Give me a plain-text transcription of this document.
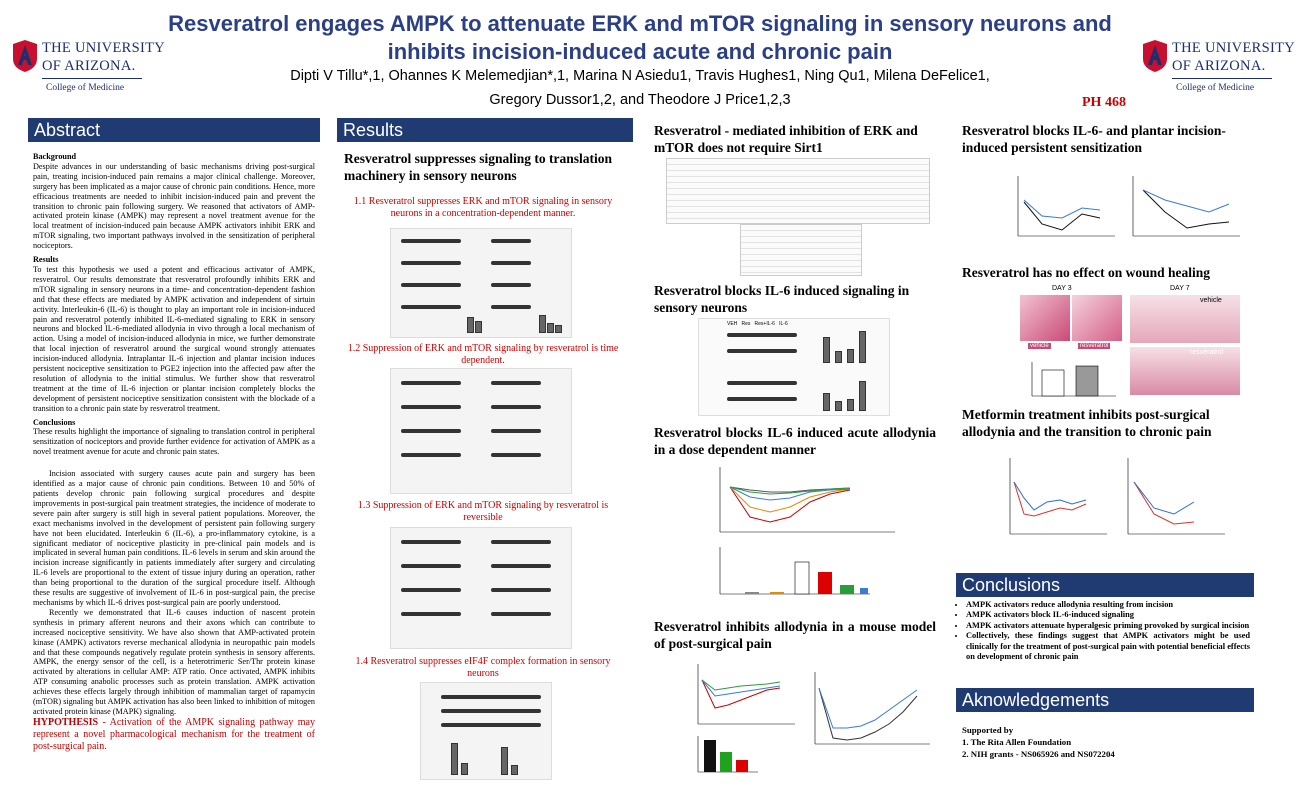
Resveratrol engages AMPK to attenuate ERK and mTOR signaling in sensory neurons and inhibits incision-induced acute and chronic pain
Dipti V Tillu*,1, Ohannes K Melemedjian*,1, Marina N Asiedu1, Travis Hughes1, Ning Qu1, Milena DeFelice1,
Gregory Dussor1,2, and Theodore J Price1,2,3
THE UNIVERSITY
OF ARIZONA.
College of Medicine
THE UNIVERSITY
OF ARIZONA.
College of Medicine
PH 468
Abstract

Background

Despite advances in our understanding of basic mechanisms driving post-surgical pain, treating incision-induced pain remains a major clinical challenge. Moreover, surgery has been implicated as a major cause of chronic pain conditions. Hence, more efficacious treatments are needed to inhibit incision-induced pain and prevent the transition to chronic pain following surgery. We reasoned that activators of AMP-activated protein kinase (AMPK) may represent a novel treatment avenue for the local treatment of incision-induced pain because AMPK activators inhibit ERK and mTOR signaling, two important pathways involved in the sensitization of peripheral nociceptors.

Results

To test this hypothesis we used a potent and efficacious activator of AMPK, resveratrol. Our results demonstrate that resveratrol profoundly inhibits ERK and mTOR signaling in sensory neurons in a time- and concentration-dependent fashion and that these effects are mediated by AMPK activation and independent of sirtuin activity. Interleukin-6 (IL-6) is thought to play an important role in incision-induced pain and resveratrol potently inhibited IL-6-mediated signaling to ERK in sensory neurons and blocked IL-6-mediated allodynia in vivo through a local mechanism of action. Using a model of incision-induced allodynia in mice, we further demonstrate that local injection of resveratrol around the surgical wound strongly attenuates incision-induced allodynia. Intraplantar IL-6 injection and plantar incision induces persistent nociceptive sensitization to PGE2 injection into the affected paw after the resolution of allodynia to the initial stimulus. We further show that resveratrol treatment at the time of IL-6 injection or plantar incision completely blocks the development of persistent nociceptive sensitization consistent with the blockade of a transition to a chronic pain state by resveratrol treatment.

Conclusions

These results highlight the importance of signaling to translation control in peripheral sensitization of nociceptors and provide further evidence for activation of AMPK as a novel treatment avenue for acute and chronic pain states.

Incision associated with surgery causes acute pain and surgery has been identified as a major cause of chronic pain conditions. Between 10 and 50% of patients develop chronic pain following surgical procedures and despite improvements in post-surgical pain treatment strategies, the incidence of moderate to severe pain after surgery is still high in several patient populations. Moreover, the exact mechanisms involved in the development of persistent pain following surgery have not been elucidated. Interleukin 6 (IL-6), a pro-inflammatory cytokine, is a significant mediator of nociceptive plasticity in pre-clinical pain models and is implicated in several human pain conditions. IL-6 levels in serum and skin around the incision increase significantly in patients immediately after surgery and circulating IL-6 levels are proportional to the extent of tissue injury during an operation, rather than being proportional to the duration of the surgical procedure itself. Although these results are suggestive of involvement of IL-6 in post-surgical pain, the precise mechanisms by which IL-6 drives post-surgical pain are poorly understood.

Recently we demonstrated that IL-6 causes induction of nascent protein synthesis in primary afferent neurons and their axons which can contribute to increased nociceptive sensitivity. We have also shown that AMP-activated protein kinase (AMPK) activators reverse mechanical allodynia in neuropathic pain models and that these compounds negatively regulate protein synthesis in sensory afferents. AMPK, the energy sensor of the cell, is a heterotrimeric Ser/Thr protein kinase activated by alterations in cellular AMP: ATP ratio. Once activated, AMPK inhibits ATP consuming anabolic processes such as protein translation. AMPK activation achieves these effects largely through inhibition of mammalian target of rapamycin (mTOR) signaling but AMPK activation has also been linked to inhibition of mitogen activated protein kinase (MAPK) signaling.

HYPOTHESIS - Activation of the AMPK signaling pathway may represent a novel pharmacological mechanism for the treatment of post-surgical pain.

Results
Resveratrol suppresses signaling to translation machinery in sensory neurons
1.1 Resveratrol suppresses ERK and mTOR signaling in sensory neurons in a concentration-dependent manner.
1.2 Suppression of ERK and mTOR signaling by resveratrol is time dependent.
1.3 Suppression of ERK and mTOR signaling by resveratrol is reversible
1.4 Resveratrol suppresses eIF4F complex formation in sensory neurons
Resveratrol - mediated inhibition of ERK and mTOR does not require Sirt1
Resveratrol blocks IL-6 induced signaling in sensory neurons
VEH Res Res+IL-6 IL-6
Resveratrol blocks IL-6 induced acute allodynia in a dose dependent manner
Resveratrol inhibits allodynia in a mouse model of post-surgical pain
Resveratrol blocks IL-6- and plantar incision-induced persistent sensitization
Resveratrol has no effect on wound healing
DAY 3
vehicle	resveratrol
DAY 7
vehicle
resveratrol
Metformin treatment inhibits post-surgical allodynia and the transition to chronic pain
Conclusions
• AMPK activators reduce allodynia resulting from incision
• AMPK activators block IL-6-induced signaling
• AMPK activators attenuate hyperalgesic priming provoked by surgical incision
• Collectively, these findings suggest that AMPK activators might be used clinically for the treatment of post-surgical pain with potential beneficial effects on development of chronic pain
Aknowledgements
Supported by
1. The Rita Allen Foundation
2. NIH grants - NS065926 and NS072204
